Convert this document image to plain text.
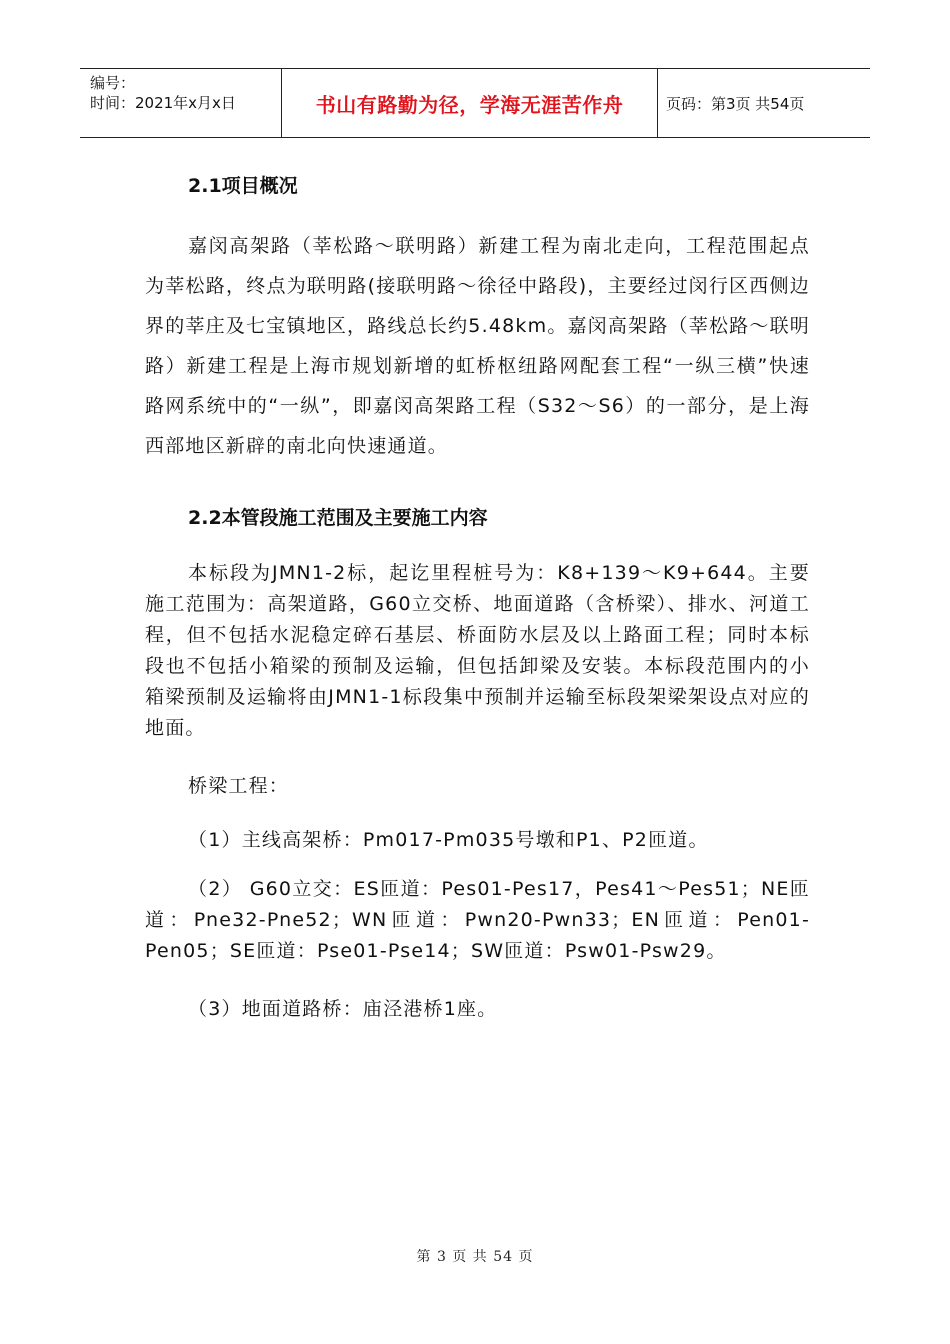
编号：
时间：2021年x月x日	书山有路勤为径，学海无涯苦作舟	页码：第3页 共54页
2.1项目概况

嘉闵高架路（莘松路～联明路）新建工程为南北走向，工程范围起点为莘松路，终点为联明路(接联明路～徐径中路段)，主要经过闵行区西侧边界的莘庄及七宝镇地区，路线总长约5.48km。嘉闵高架路（莘松路～联明路）新建工程是上海市规划新增的虹桥枢纽路网配套工程“一纵三横”快速路网系统中的“一纵”，即嘉闵高架路工程（S32～S6）的一部分，是上海西部地区新辟的南北向快速通道。

2.2本管段施工范围及主要施工内容

本标段为JMN1-2标，起讫里程桩号为：K8+139～K9+644。主要施工范围为：高架道路，G60立交桥、地面道路（含桥梁）、排水、河道工程，但不包括水泥稳定碎石基层、桥面防水层及以上路面工程；同时本标段也不包括小箱梁的预制及运输，但包括卸梁及安装。本标段范围内的小箱梁预制及运输将由JMN1-1标段集中预制并运输至标段架梁架设点对应的地面。

桥梁工程：

（1）主线高架桥：Pm017-Pm035号墩和P1、P2匝道。

（2） G60立交：ES匝道：Pes01-Pes17，Pes41～Pes51；NE匝道：Pne32-Pne52；WN匝道：Pwn20-Pwn33；EN匝道：Pen01-Pen05；SE匝道：Pse01-Pse14；SW匝道：Psw01-Psw29。

（3）地面道路桥：庙泾港桥1座。

第 3 页 共 54 页
